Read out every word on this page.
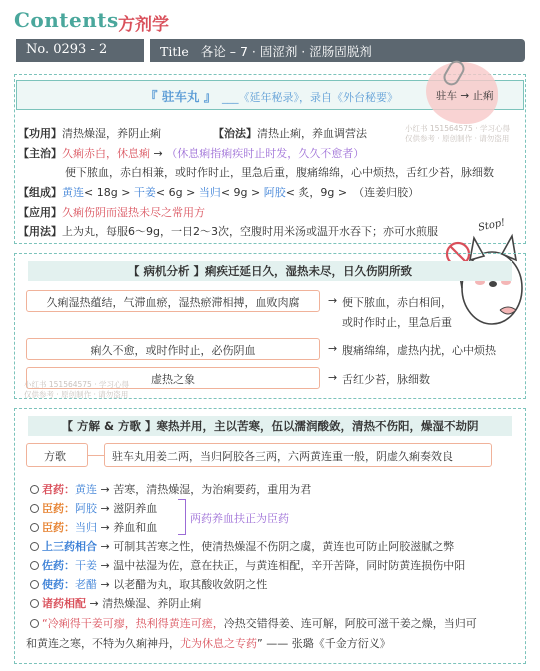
Contents 方剂学
No. 0293 - 2	Title 各论 – 7 · 固涩剂 · 涩肠固脱剂
『 驻车丸 』 ___《延年秘录》，录自《外台秘要》	驻车 → 止痢
【功用】清热燥湿，养阴止痢	【治法】清热止痢，养血调营法	小红书 151564575 · 学习心得
仅供参考 · 原创制作 · 请勿盗用
【主治】久痢赤白，休息痢 → （休息痢指痢疾时止时发，久久不愈者）
便下脓血，赤白相兼，或时作时止，里急后重，腹痛绵绵，心中烦热，舌红少苔，脉细数
【组成】黄连< 18g > 干姜< 6g > 当归< 9g > 阿胶< 炙，9g > （连姜归胶）
【应用】久痢伤阴而湿热未尽之常用方
【用法】上为丸，每服6～9g，一日2～3次，空腹时用米汤或温开水吞下；亦可水煎服	Stop!
【 病机分析 】痢疾迁延日久，湿热未尽，日久伤阴所致
久痢湿热蕴结，气滞血瘀，湿热瘀滞相搏，血败肉腐	→ 便下脓血，赤白相间，
或时作时止，里急后重
痢久不愈，或时作时止，必伤阴血	→ 腹痛绵绵，虚热内扰，心中烦热
虚热之象	→ 舌红少苔，脉细数
小红书 151564575 · 学习心得
仅供参考 · 原创制作 · 请勿盗用
【 方解 & 方歌 】寒热并用，主以苦寒，伍以濡润酸敛，清热不伤阳，燥湿不劫阴
方歌	驻车丸用姜二两，当归阿胶各三两，六两黄连重一般，阴虚久痢奏效良
君药：黄连 → 苦寒，清热燥湿，为治痢要药，重用为君
臣药：阿胶 → 滋阴养血
臣药：当归 → 养血和血
两药养血扶正为臣药
上三药相合 → 可制其苦寒之性，使清热燥湿不伤阴之虞，黄连也可防止阿胶滋腻之弊
佐药：干姜 → 温中祛湿为佐，意在扶正，与黄连相配，辛开苦降，同时防黄连损伤中阳
使药：老醋 → 以老醋为丸，取其酸收敛阴之性
诸药相配 → 清热燥湿、养阴止痢
“冷痢得干姜可瘳，热利得黄连可瘥，冷热交错得姜、连可解，阿胶可滋干姜之燥，当归可
和黄连之寒，不特为久痢神丹，尤为休息之专药” —— 张璐《千金方衍义》
